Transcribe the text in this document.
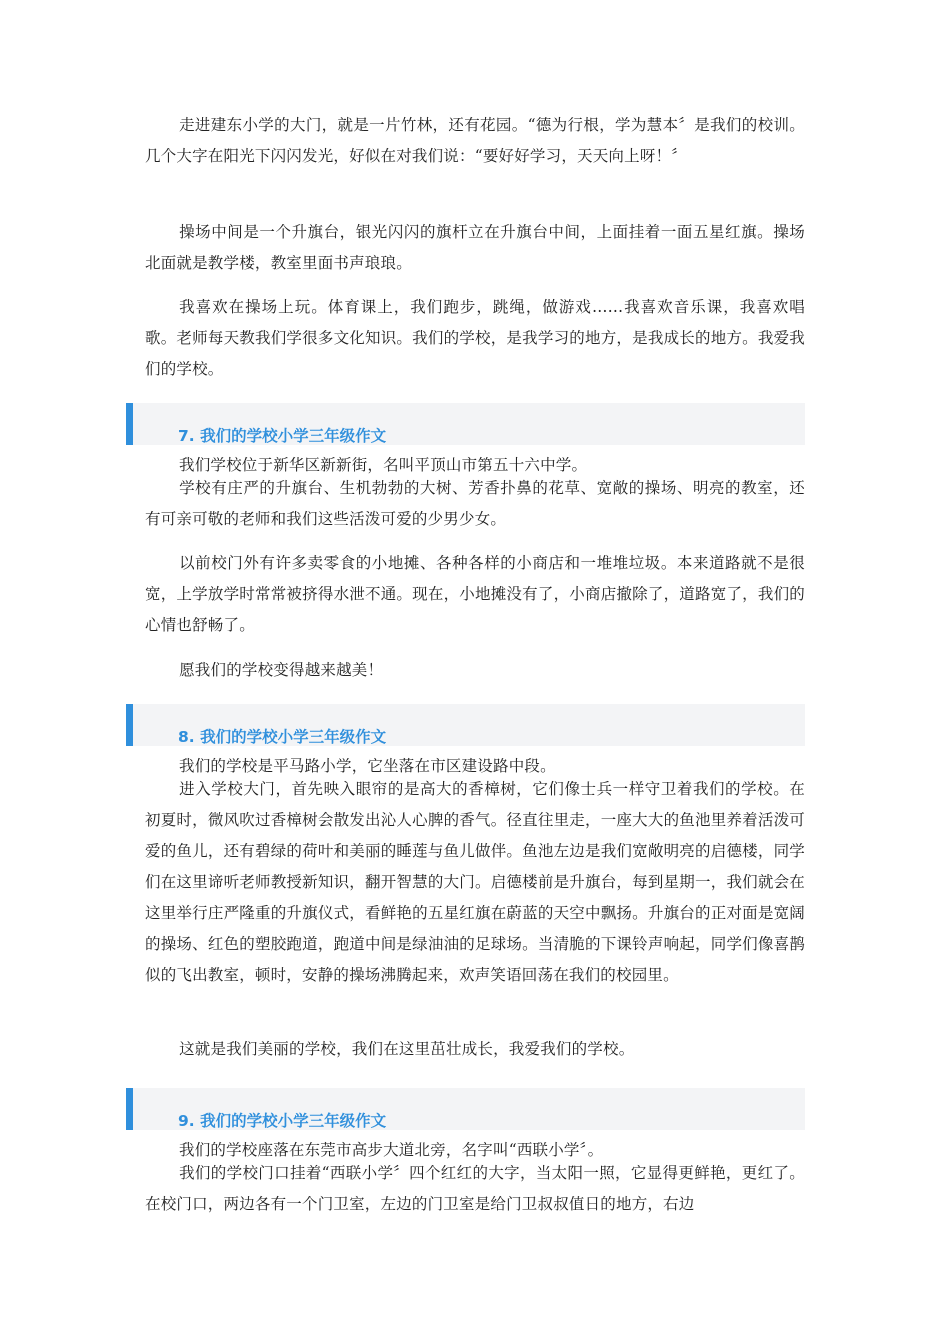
走进建东小学的大门，就是一片竹林，还有花园。“德为行根，学为慧本〞是我们的校训。几个大字在阳光下闪闪发光，好似在对我们说：“要好好学习，天天向上呀！〞

操场中间是一个升旗台，银光闪闪的旗杆立在升旗台中间，上面挂着一面五星红旗。操场北面就是教学楼，教室里面书声琅琅。

我喜欢在操场上玩。体育课上，我们跑步，跳绳，做游戏……我喜欢音乐课，我喜欢唱歌。老师每天教我们学很多文化知识。我们的学校，是我学习的地方，是我成长的地方。我爱我们的学校。

7. 我们的学校小学三年级作文

我们学校位于新华区新新街，名叫平顶山市第五十六中学。

学校有庄严的升旗台、生机勃勃的大树、芳香扑鼻的花草、宽敞的操场、明亮的教室，还有可亲可敬的老师和我们这些活泼可爱的少男少女。

以前校门外有许多卖零食的小地摊、各种各样的小商店和一堆堆垃圾。本来道路就不是很宽，上学放学时常常被挤得水泄不通。现在，小地摊没有了，小商店撤除了，道路宽了，我们的心情也舒畅了。

愿我们的学校变得越来越美！

8. 我们的学校小学三年级作文

我们的学校是平马路小学，它坐落在市区建设路中段。

进入学校大门，首先映入眼帘的是高大的香樟树，它们像士兵一样守卫着我们的学校。在初夏时，微风吹过香樟树会散发出沁人心脾的香气。径直往里走，一座大大的鱼池里养着活泼可爱的鱼儿，还有碧绿的荷叶和美丽的睡莲与鱼儿做伴。鱼池左边是我们宽敞明亮的启德楼，同学们在这里谛听老师教授新知识，翻开智慧的大门。启德楼前是升旗台，每到星期一，我们就会在这里举行庄严隆重的升旗仪式，看鲜艳的五星红旗在蔚蓝的天空中飘扬。升旗台的正对面是宽阔的操场、红色的塑胶跑道，跑道中间是绿油油的足球场。当清脆的下课铃声响起，同学们像喜鹊似的飞出教室，顿时，安静的操场沸腾起来，欢声笑语回荡在我们的校园里。

这就是我们美丽的学校，我们在这里茁壮成长，我爱我们的学校。

9. 我们的学校小学三年级作文

我们的学校座落在东莞市高步大道北旁，名字叫“西联小学〞。

我们的学校门口挂着“西联小学〞四个红红的大字，当太阳一照，它显得更鲜艳，更红了。在校门口，两边各有一个门卫室，左边的门卫室是给门卫叔叔值日的地方，右边
